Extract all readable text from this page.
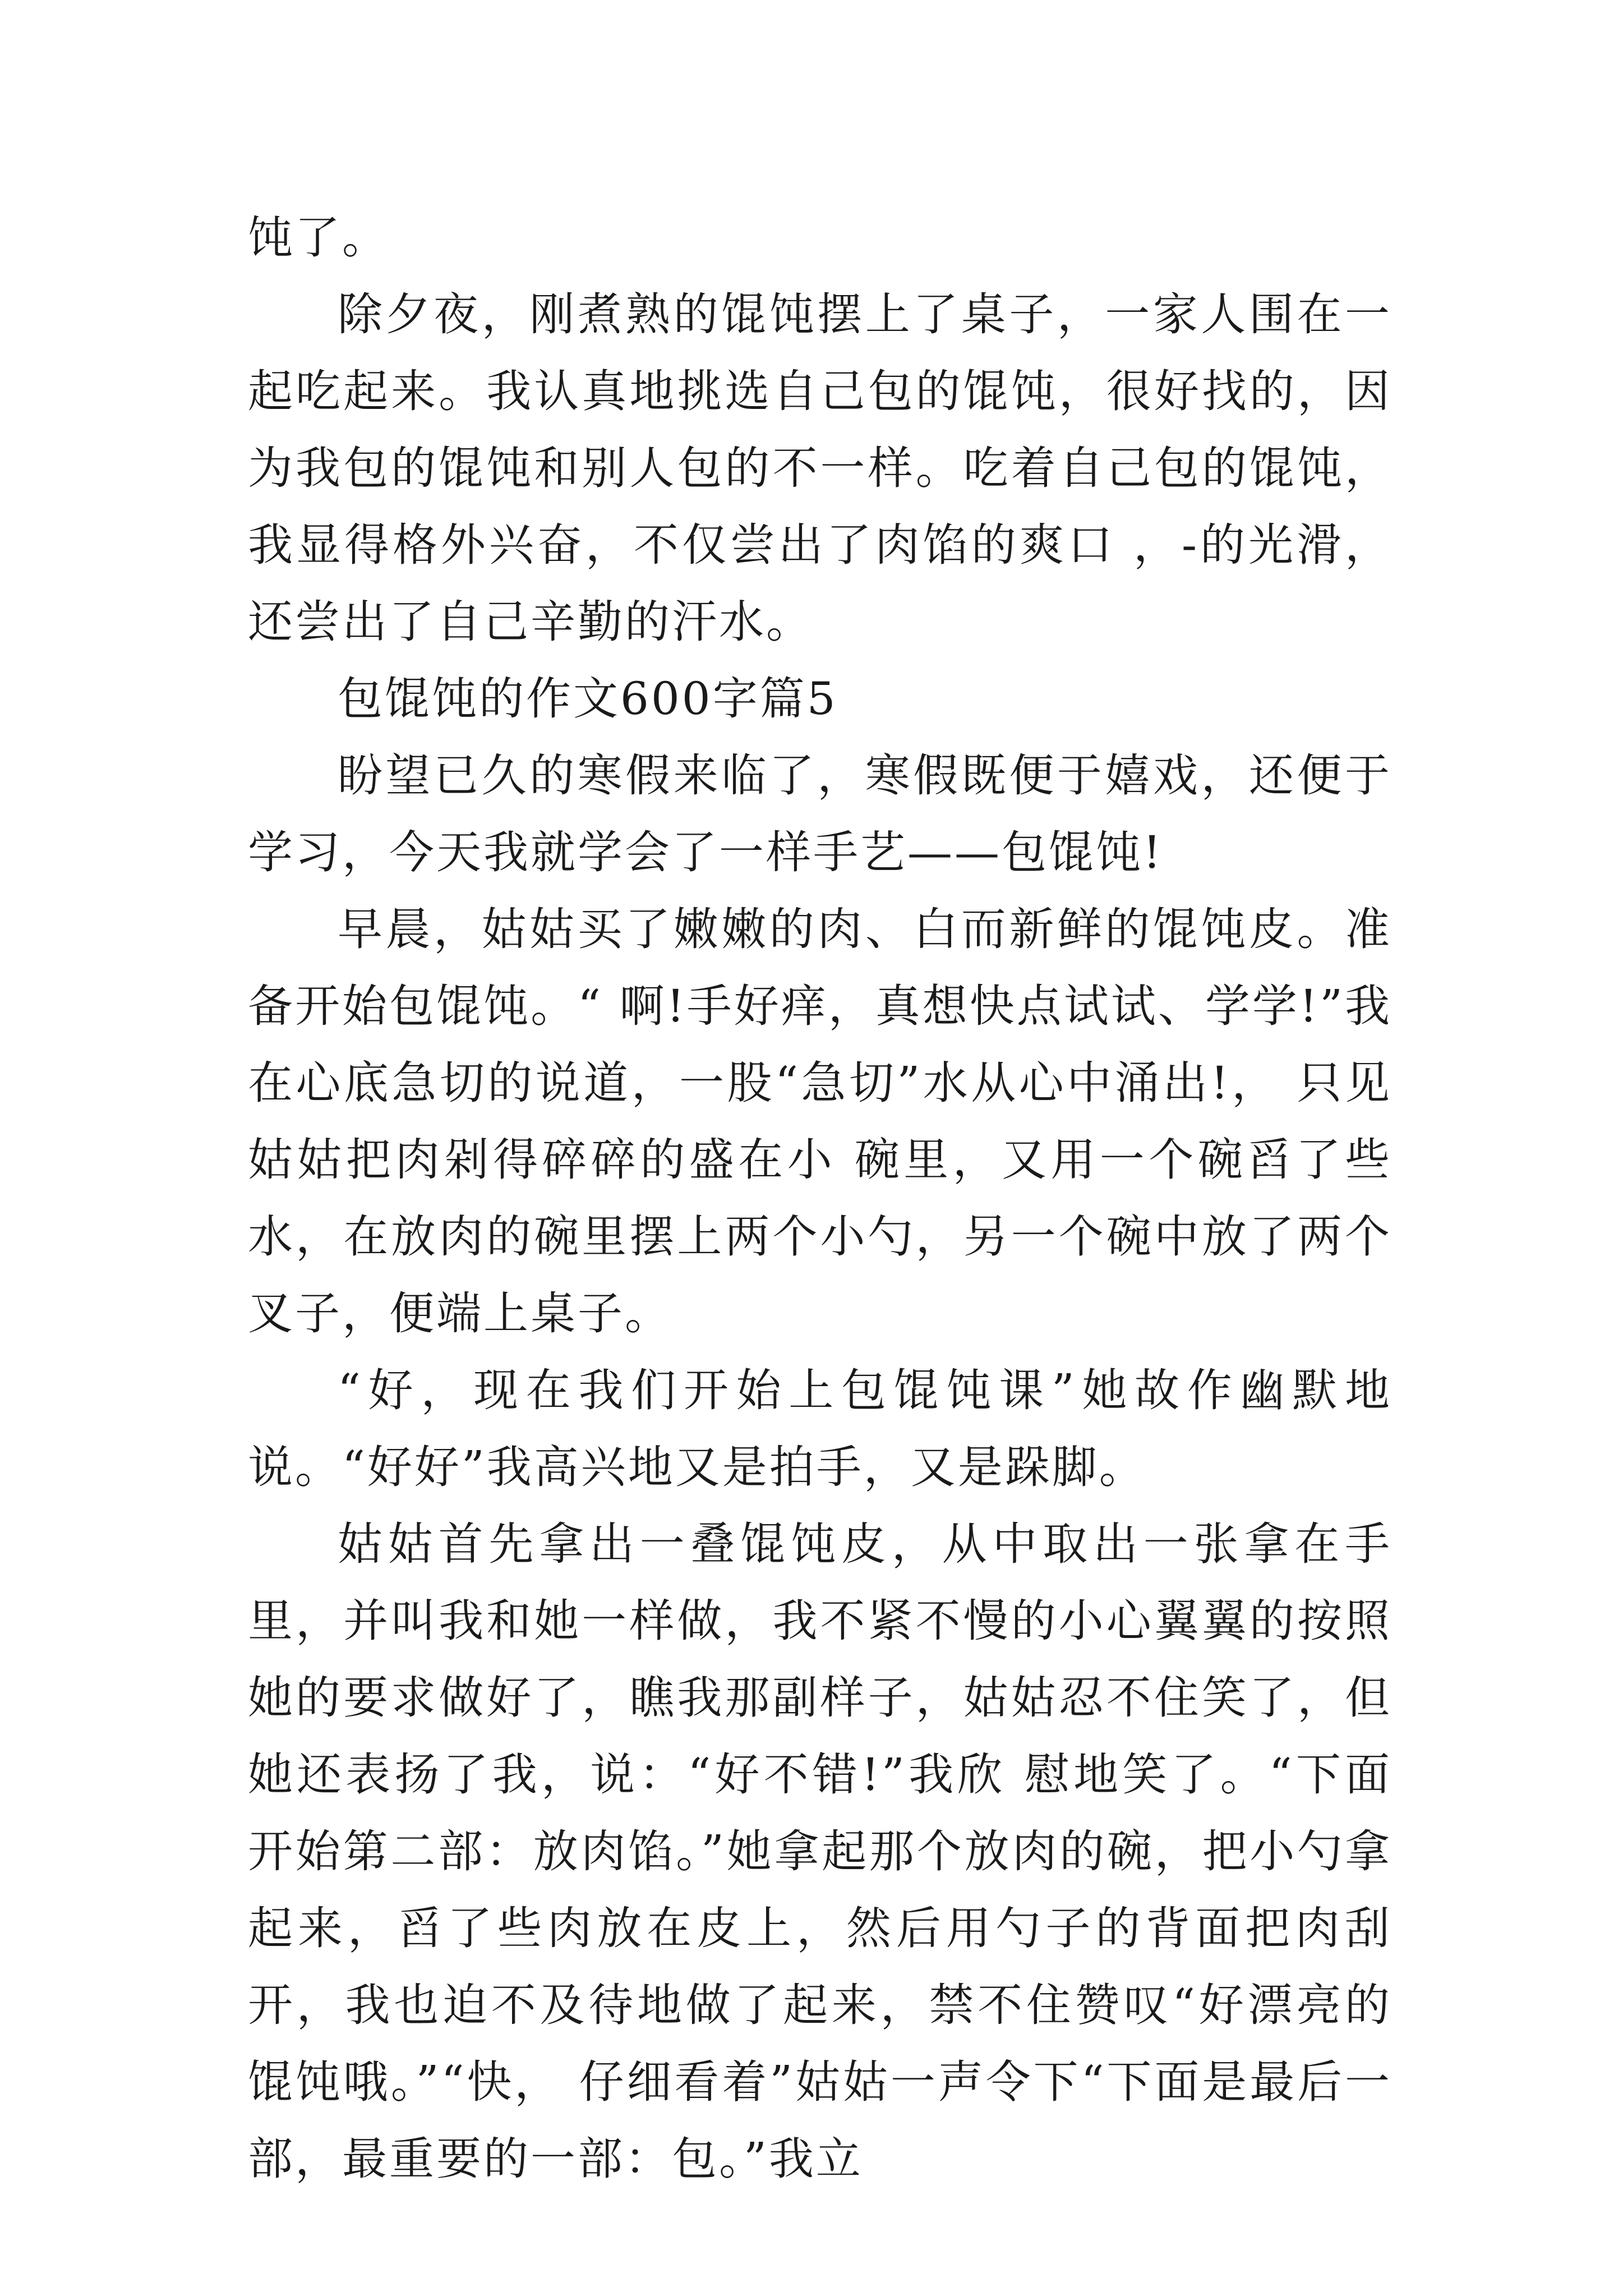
饨了。

除夕夜，刚煮熟的馄饨摆上了桌子，一家人围在一起吃起来。我认真地挑选自己包的馄饨，很好找的，因为我包的馄饨和别人包的不一样。吃着自己包的馄饨，我显得格外兴奋，不仅尝出了肉馅的爽口 ，-的光滑，还尝出了自己辛勤的汗水。

包馄饨的作文600字篇5

盼望已久的寒假来临了，寒假既便于嬉戏，还便于学习，今天我就学会了一样手艺——包馄饨!

早晨，姑姑买了嫩嫩的肉、白而新鲜的馄饨皮。准备开始包馄饨。“ 啊!手好痒，真想快点试试、学学!”我在心底急切的说道，一股“急切”水从心中涌出!， 只见姑姑把肉剁得碎碎的盛在小 碗里，又用一个碗舀了些水，在放肉的碗里摆上两个小勺，另一个碗中放了两个叉子，便端上桌子。

“好，现在我们开始上包馄饨课”她故作幽默地说。“好好”我高兴地又是拍手，又是跺脚。

姑姑首先拿出一叠馄饨皮，从中取出一张拿在手里，并叫我和她一样做，我不紧不慢的小心翼翼的按照她的要求做好了，瞧我那副样子，姑姑忍不住笑了，但她还表扬了我，说：“好不错!”我欣 慰地笑了。“下面开始第二部：放肉馅。”她拿起那个放肉的碗，把小勺拿起来，舀了些肉放在皮上，然后用勺子的背面把肉刮开，我也迫不及待地做了起来，禁不住赞叹“好漂亮的馄饨哦。”“快， 仔细看着”姑姑一声令下“下面是最后一部，最重要的一部：包。”我立
